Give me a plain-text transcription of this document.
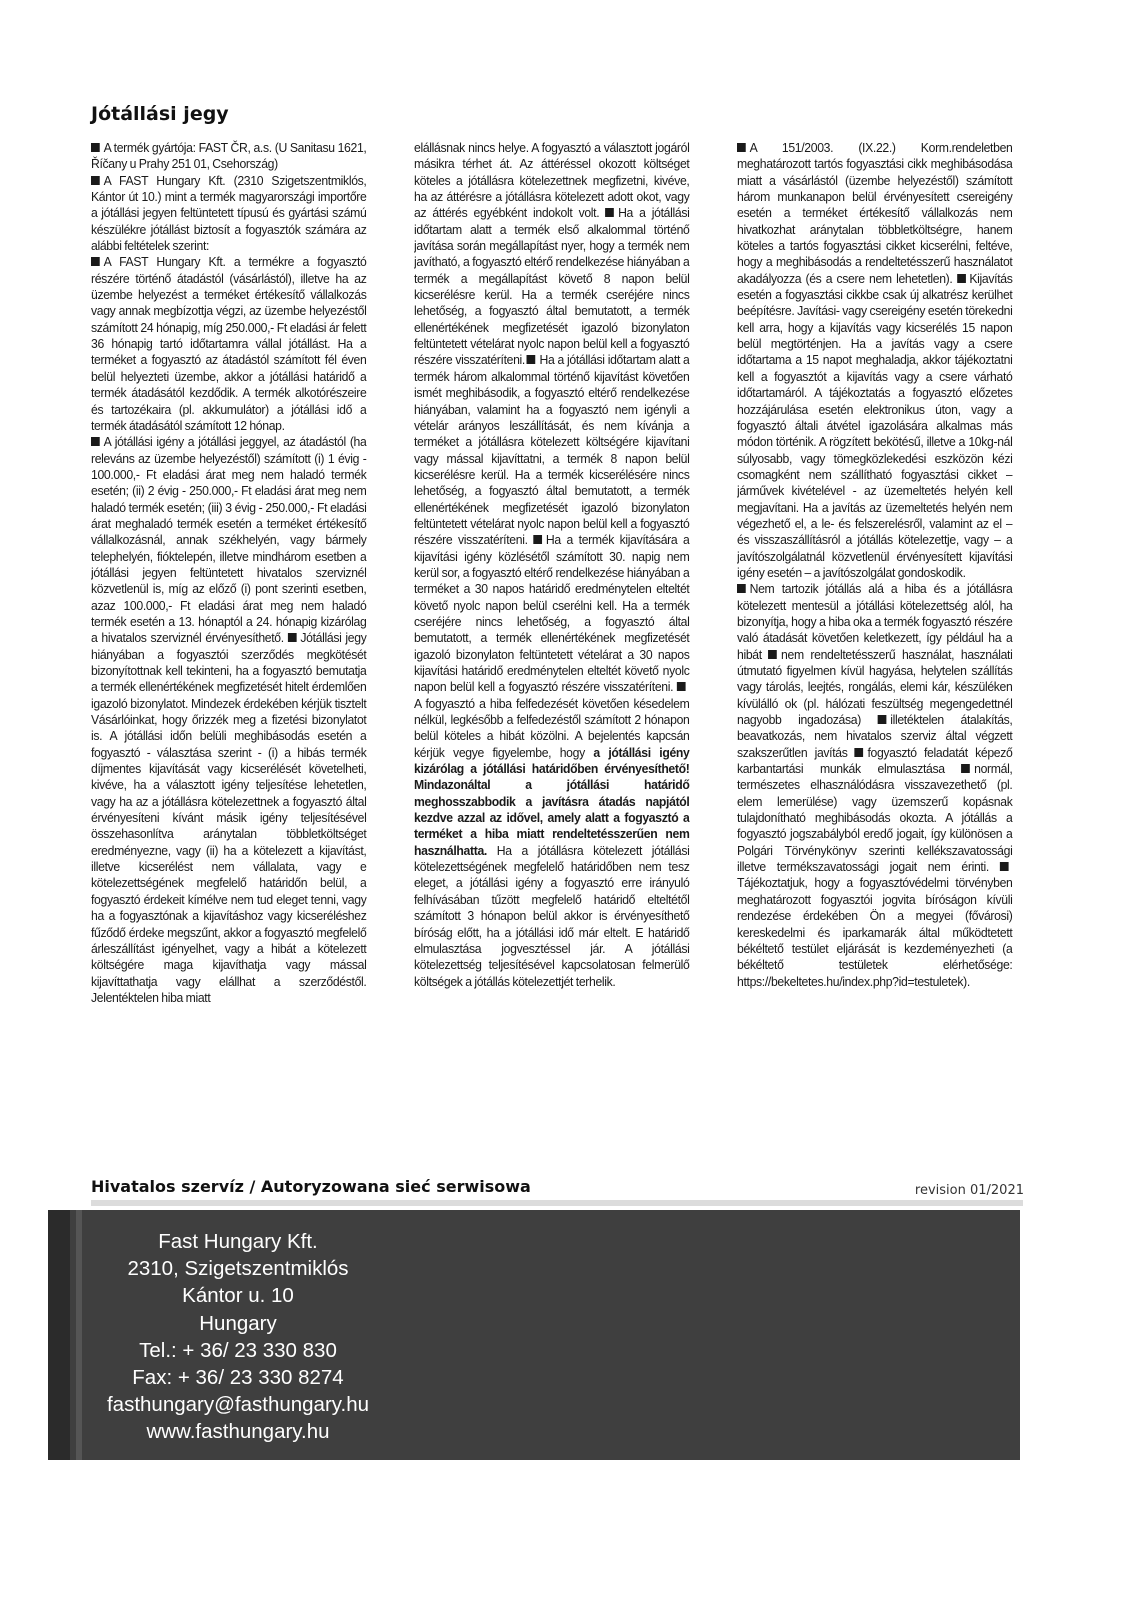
Jótállási jegy

A termék gyártója: FAST ČR, a.s. (U Sanitasu 1621, Říčany u Prahy 251 01, Csehország)

A FAST Hungary Kft. (2310 Szigetszentmiklós, Kántor út 10.) mint a termék magyarországi importőre a jótállási jegyen feltüntetett típusú és gyártási számú készülékre jótállást biztosít a fogyasztók számára az alábbi feltételek szerint:

A FAST Hungary Kft. a termékre a fogyasztó részére történő átadástól (vásárlástól), illetve ha az üzembe helyezést a terméket értékesítő vállalkozás vagy annak megbízottja végzi, az üzembe helyezéstől számított 24 hónapig, míg 250.000,- Ft eladási ár felett 36 hónapig tartó időtartamra vállal jótállást. Ha a terméket a fogyasztó az átadástól számított fél éven belül helyezteti üzembe, akkor a jótállási határidő a termék átadásától kezdődik. A termék alkotórészeire és tartozékaira (pl. akkumulátor) a jótállási idő a termék átadásától számított 12 hónap.

A jótállási igény a jótállási jeggyel, az átadástól (ha releváns az üzembe helyezéstől) számított (i) 1 évig - 100.000,- Ft eladási árat meg nem haladó termék esetén; (ii) 2 évig - 250.000,- Ft eladási árat meg nem haladó termék esetén; (iii) 3 évig - 250.000,- Ft eladási árat meghaladó termék esetén a terméket értékesítő vállalkozásnál, annak székhelyén, vagy bármely telephelyén, fióktelepén, illetve mindhárom esetben a jótállási jegyen feltüntetett hivatalos szerviznél közvetlenül is, míg az előző (i) pont szerinti esetben, azaz 100.000,- Ft eladási árat meg nem haladó termék esetén a 13. hónaptól a 24. hónapig kizárólag a hivatalos szerviznél érvényesíthető. Jótállási jegy hiányában a fogyasztói szerződés megkötését bizonyítottnak kell tekinteni, ha a fogyasztó bemutatja a termék ellenértékének megfizetését hitelt érdemlően igazoló bizonylatot. Mindezek érdekében kérjük tisztelt Vásárlóinkat, hogy őrizzék meg a fizetési bizonylatot is. A jótállási időn belüli meghibásodás esetén a fogyasztó - választása szerint - (i) a hibás termék díjmentes kijavítását vagy kicserélését követelheti, kivéve, ha a választott igény teljesítése lehetetlen, vagy ha az a jótállásra kötelezettnek a fogyasztó által érvényesíteni kívánt másik igény teljesítésével összehasonlítva aránytalan többletköltséget eredményezne, vagy (ii) ha a kötelezett a kijavítást, illetve kicserélést nem vállalata, vagy e kötelezettségének megfelelő határidőn belül, a fogyasztó érdekeit kímélve nem tud eleget tenni, vagy ha a fogyasztónak a kijavításhoz vagy kicseréléshez fűződő érdeke megszűnt, akkor a fogyasztó megfelelő árleszállítást igényelhet, vagy a hibát a kötelezett költségére maga kijavíthatja vagy mással kijavíttathatja vagy elállhat a szerződéstől. Jelentéktelen hiba miatt

elállásnak nincs helye. A fogyasztó a választott jogáról másikra térhet át. Az áttéréssel okozott költséget köteles a jótállásra kötelezettnek megfizetni, kivéve, ha az áttérésre a jótállásra kötelezett adott okot, vagy az áttérés egyébként indokolt volt. Ha a jótállási időtartam alatt a termék első alkalommal történő javítása során megállapítást nyer, hogy a termék nem javítható, a fogyasztó eltérő rendelkezése hiányában a termék a megállapítást követő 8 napon belül kicserélésre kerül. Ha a termék cseréjére nincs lehetőség, a fogyasztó által bemutatott, a termék ellenértékének megfizetését igazoló bizonylaton feltüntetett vételárat nyolc napon belül kell a fogyasztó részére visszatéríteni. Ha a jótállási időtartam alatt a termék három alkalommal történő kijavítást követően ismét meghibásodik, a fogyasztó eltérő rendelkezése hiányában, valamint ha a fogyasztó nem igényli a vételár arányos leszállítását, és nem kívánja a terméket a jótállásra kötelezett költségére kijavítani vagy mással kijavíttatni, a termék 8 napon belül kicserélésre kerül. Ha a termék kicserélésére nincs lehetőség, a fogyasztó által bemutatott, a termék ellenértékének megfizetését igazoló bizonylaton feltüntetett vételárat nyolc napon belül kell a fogyasztó részére visszatéríteni. Ha a termék kijavítására a kijavítási igény közlésétől számított 30. napig nem kerül sor, a fogyasztó eltérő rendelkezése hiányában a terméket a 30 napos határidő eredménytelen elteltét követő nyolc napon belül cserélni kell. Ha a termék cseréjére nincs lehetőség, a fogyasztó által bemutatott, a termék ellenértékének megfizetését igazoló bizonylaton feltüntetett vételárat a 30 napos kijavítási határidő eredménytelen elteltét követő nyolc napon belül kell a fogyasztó részére visszatéríteni. A fogyasztó a hiba felfedezését követően késedelem nélkül, legkésőbb a felfedezéstől számított 2 hónapon belül köteles a hibát közölni. A bejelentés kapcsán kérjük vegye figyelembe, hogy a jótállási igény kizárólag a jótállási határidőben érvényesíthető! Mindazonáltal a jótállási határidő meghosszabbodik a javításra átadás napjától kezdve azzal az idővel, amely alatt a fogyasztó a terméket a hiba miatt rendeltetésszerűen nem használhatta. Ha a jótállásra kötelezett jótállási kötelezettségének megfelelő határidőben nem tesz eleget, a jótállási igény a fogyasztó erre irányuló felhívásában tűzött megfelelő határidő elteltétől számított 3 hónapon belül akkor is érvényesíthető bíróság előtt, ha a jótállási idő már eltelt. E határidő elmulasztása jogvesztéssel jár. A jótállási kötelezettség teljesítésével kapcsolatosan felmerülő költségek a jótállás kötelezettjét terhelik.

A 151/2003. (IX.22.) Korm.rendeletben meghatározott tartós fogyasztási cikk meghibásodása miatt a vásárlástól (üzembe helyezéstől) számított három munkanapon belül érvényesített csereigény esetén a terméket értékesítő vállalkozás nem hivatkozhat aránytalan többletköltségre, hanem köteles a tartós fogyasztási cikket kicserélni, feltéve, hogy a meghibásodás a rendeltetésszerű használatot akadályozza (és a csere nem lehetetlen). Kijavítás esetén a fogyasztási cikkbe csak új alkatrész kerülhet beépítésre. Javítási- vagy csereigény esetén törekedni kell arra, hogy a kijavítás vagy kicserélés 15 napon belül megtörténjen. Ha a javítás vagy a csere időtartama a 15 napot meghaladja, akkor tájékoztatni kell a fogyasztót a kijavítás vagy a csere várható időtartamáról. A tájékoztatás a fogyasztó előzetes hozzájárulása esetén elektronikus úton, vagy a fogyasztó általi átvétel igazolására alkalmas más módon történik. A rögzített bekötésű, illetve a 10kg-nál súlyosabb, vagy tömegközlekedési eszközön kézi csomagként nem szállítható fogyasztási cikket – járművek kivételével - az üzemeltetés helyén kell megjavítani. Ha a javítás az üzemeltetés helyén nem végezhető el, a le- és felszerelésről, valamint az el – és visszaszállításról a jótállás kötelezettje, vagy – a javítószolgálatnál közvetlenül érvényesített kijavítási igény esetén – a javítószolgálat gondoskodik.

Nem tartozik jótállás alá a hiba és a jótállásra kötelezett mentesül a jótállási kötelezettség alól, ha bizonyítja, hogy a hiba oka a termék fogyasztó részére való átadását követően keletkezett, így például ha a hibát nem rendeltetésszerű használat, használati útmutató figyelmen kívül hagyása, helytelen szállítás vagy tárolás, leejtés, rongálás, elemi kár, készüléken kívülálló ok (pl. hálózati feszültség megengedettnél nagyobb ingadozása) illetéktelen átalakítás, beavatkozás, nem hivatalos szerviz által végzett szakszerűtlen javítás fogyasztó feladatát képező karbantartási munkák elmulasztása normál, természetes elhasználódásra visszavezethető (pl. elem lemerülése) vagy üzemszerű kopásnak tulajdonítható meghibásodás okozta. A jótállás a fogyasztó jogszabályból eredő jogait, így különösen a Polgári Törvénykönyv szerinti kellékszavatossági illetve termékszavatossági jogait nem érinti. Tájékoztatjuk, hogy a fogyasztóvédelmi törvényben meghatározott fogyasztói jogvita bíróságon kívüli rendezése érdekében Ön a megyei (fővárosi) kereskedelmi és iparkamarák által működtetett békéltető testület eljárását is kezdeményezheti (a békéltető testületek elérhetősége: https://bekeltetes.hu/index.php?id=testuletek).

Hivatalos szervíz / Autoryzowana sieć serwisowa	revision 01/2021
Fast Hungary Kft.
2310, Szigetszentmiklós
Kántor u. 10
Hungary
Tel.: + 36/ 23 330 830
Fax: + 36/ 23 330 8274
fasthungary@fasthungary.hu
www.fasthungary.hu
